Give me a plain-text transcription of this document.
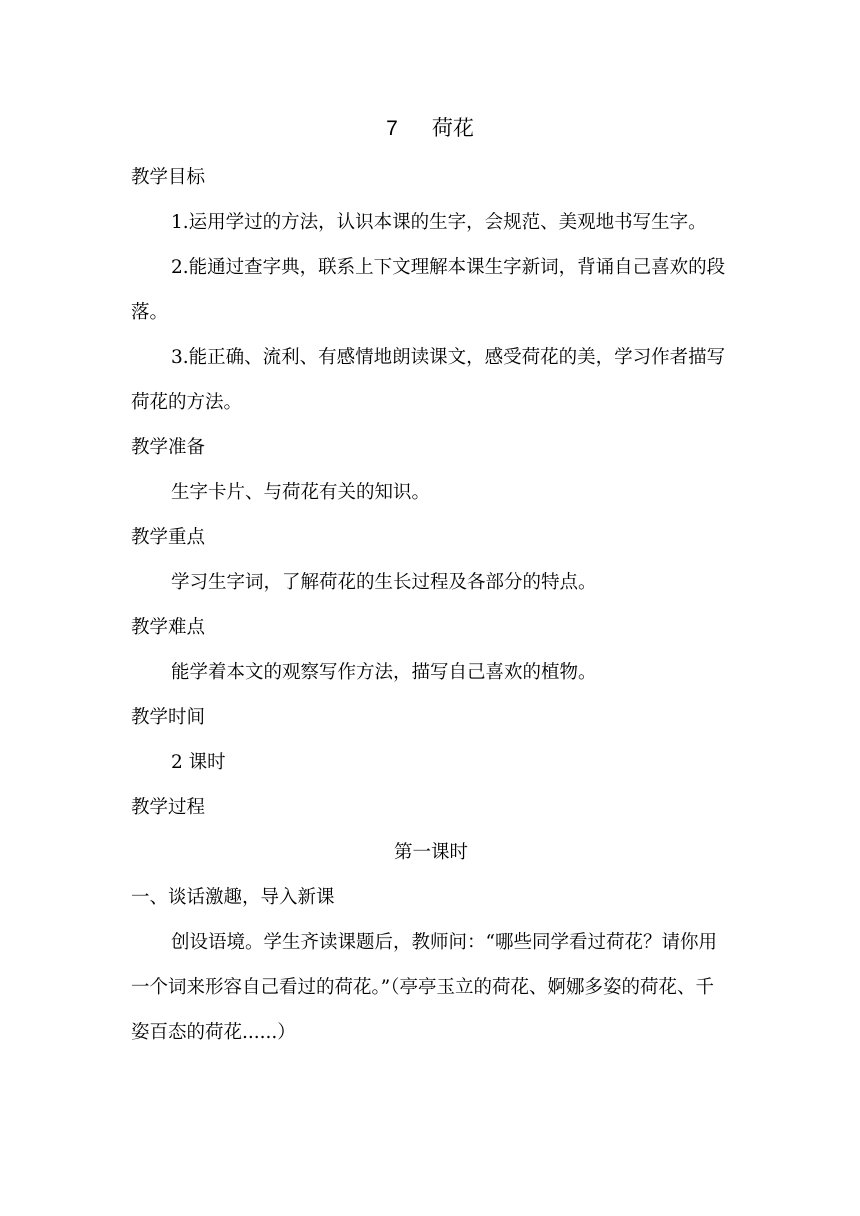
7 荷花

教学目标

1.运用学过的方法，认识本课的生字，会规范、美观地书写生字。

2.能通过查字典，联系上下文理解本课生字新词，背诵自己喜欢的段落。

3.能正确、流利、有感情地朗读课文，感受荷花的美，学习作者描写荷花的方法。

教学准备

生字卡片、与荷花有关的知识。

教学重点

学习生字词，了解荷花的生长过程及各部分的特点。

教学难点

能学着本文的观察写作方法，描写自己喜欢的植物。

教学时间

2 课时

教学过程

第一课时

一、谈话激趣，导入新课

创设语境。学生齐读课题后，教师问：“哪些同学看过荷花？请你用一个词来形容自己看过的荷花。”（亭亭玉立的荷花、婀娜多姿的荷花、千姿百态的荷花......）
